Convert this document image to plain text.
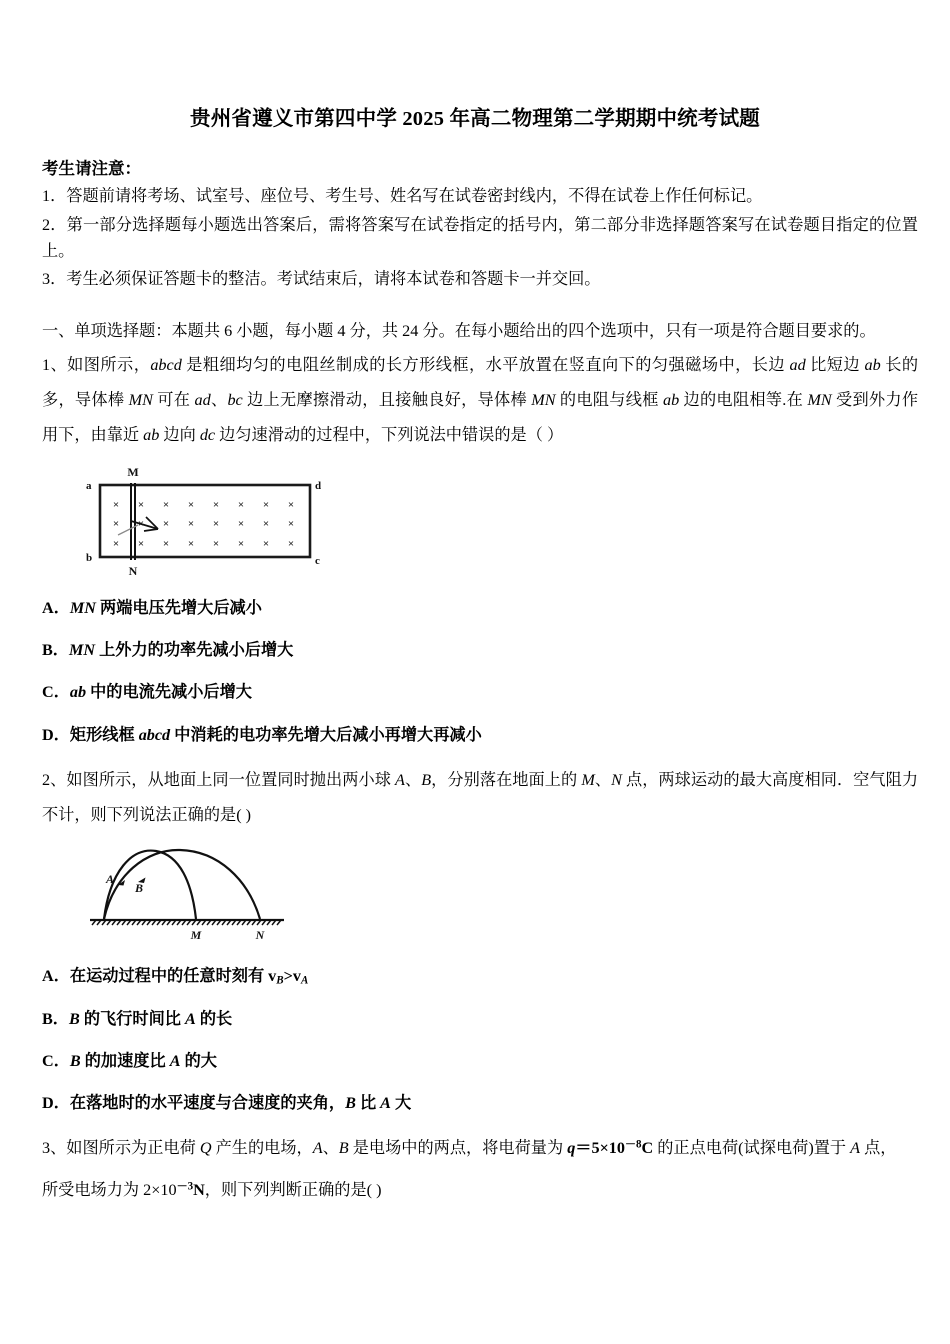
贵州省遵义市第四中学 2025 年高二物理第二学期期中统考试题
考生请注意：
1．答题前请将考场、试室号、座位号、考生号、姓名写在试卷密封线内，不得在试卷上作任何标记。
2．第一部分选择题每小题选出答案后，需将答案写在试卷指定的括号内，第二部分非选择题答案写在试卷题目指定的位置上。
3．考生必须保证答题卡的整洁。考试结束后，请将本试卷和答题卡一并交回。
一、单项选择题：本题共 6 小题，每小题 4 分，共 24 分。在每小题给出的四个选项中，只有一项是符合题目要求的。
1、如图所示，abcd 是粗细均匀的电阻丝制成的长方形线框，水平放置在竖直向下的匀强磁场中，长边 ad 比短边 ab 长的多，导体棒 MN 可在 ad、bc 边上无摩擦滑动，且接触良好，导体棒 MN 的电阻与线框 ab 边的电阻相等.在 MN 受到外力作用下，由靠近 ab 边向 dc 边匀速滑动的过程中，下列说法中错误的是（ ）
a	d
b	c
× × × × × × × ×
×	× × × × × ×
× × × × × × × ×
M
N
A．MN 两端电压先增大后减小
B．MN 上外力的功率先减小后增大
C．ab 中的电流先减小后增大
D．矩形线框 abcd 中消耗的电功率先增大后减小再增大再减小
2、如图所示，从地面上同一位置同时抛出两小球 A、B，分别落在地面上的 M、N 点，两球运动的最大高度相同．空气阻力不计，则下列说法正确的是( )
A
B
M	N
A．在运动过程中的任意时刻有 $v_B>v_A$
B．B 的飞行时间比 A 的长
C．B 的加速度比 A 的大
D．在落地时的水平速度与合速度的夹角，B 比 A 大
3、如图所示为正电荷 Q 产生的电场，A、B 是电场中的两点，将电荷量为 $q=5\times 10^{-8}C$ 的正点电荷(试探电荷)置于 A 点，
所受电场力为 $2\times 10^{-3}N$，则下列判断正确的是( )
